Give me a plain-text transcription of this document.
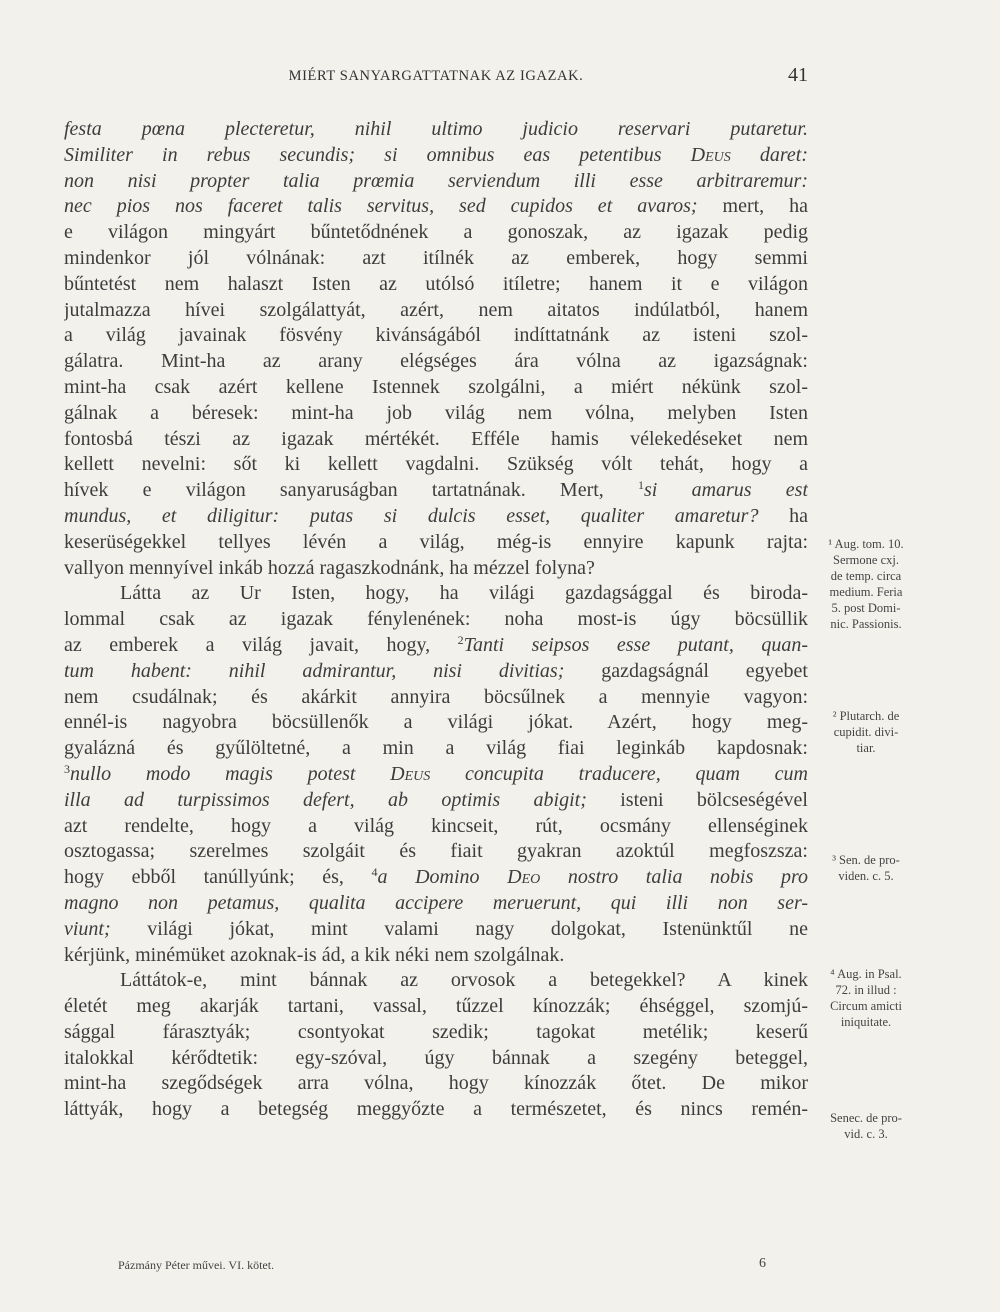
MIÉRT SANYARGATTATNAK AZ IGAZAK.	41
festa pœna plecteretur, nihil ultimo judicio reservari putaretur.
Similiter in rebus secundis; si omnibus eas petentibus Deus daret:
non nisi propter talia prœmia serviendum illi esse arbitraremur:
nec pios nos faceret talis servitus, sed cupidos et avaros; mert, ha
e világon mingyárt bűntetődnének a gonoszak, az igazak pedig
mindenkor jól vólnának: azt itílnék az emberek, hogy semmi
bűntetést nem halaszt Isten az utólsó itíletre; hanem it e világon
jutalmazza hívei szolgálattyát, azért, nem aitatos indúlatból, hanem
a világ javainak fösvény kivánságából indíttatnánk az isteni szol-
gálatra. Mint-ha az arany elégséges ára vólna az igazságnak:
mint-ha csak azért kellene Istennek szolgálni, a miért nékünk szol-
gálnak a béresek: mint-ha job világ nem vólna, melyben Isten
fontosbá tészi az igazak mértékét. Efféle hamis vélekedéseket nem
kellett nevelni: sőt ki kellett vagdalni. Szükség vólt tehát, hogy a
hívek e világon sanyaruságban tartatnának. Mert, $^1$si amarus est
mundus, et diligitur: putas si dulcis esset, qualiter amaretur? ha
keserüségekkel tellyes lévén a világ, még-is ennyire kapunk rajta:
vallyon mennyível inkáb hozzá ragaszkodnánk, ha mézzel folyna?
Látta az Ur Isten, hogy, ha világi gazdagsággal és biroda-
lommal csak az igazak fénylenének: noha most-is úgy böcsüllik
az emberek a világ javait, hogy, $^2$Tanti seipsos esse putant, quan-
tum habent: nihil admirantur, nisi divitias; gazdagságnál egyebet
nem csudálnak; és akárkit annyira böcsűlnek a mennyie vagyon:
ennél-is nagyobra böcsüllenők a világi jókat. Azért, hogy meg-
gyalázná és gyűlöltetné, a min a világ fiai leginkáb kapdosnak:
$^3$nullo modo magis potest Deus concupita traducere, quam cum
illa ad turpissimos defert, ab optimis abigit; isteni bölcseségével
azt rendelte, hogy a világ kincseit, rút, ocsmány ellenséginek
osztogassa; szerelmes szolgáit és fiait gyakran azoktúl megfoszsza:
hogy ebből tanúllyúnk; és, $^4$a Domino Deo nostro talia nobis pro
magno non petamus, qualita accipere meruerunt, qui illi non ser-
viunt; világi jókat, mint valami nagy dolgokat, Istenünktűl ne
kérjünk, minémüket azoknak-is ád, a kik néki nem szolgálnak.
Láttátok-e, mint bánnak az orvosok a betegekkel? A kinek
életét meg akarják tartani, vassal, tűzzel kínozzák; éhséggel, szomjú-
sággal fárasztyák; csontyokat szedik; tagokat metélik; keserű
italokkal kérődtetik: egy-szóval, úgy bánnak a szegény beteggel,
mint-ha szegődségek arra vólna, hogy kínozzák őtet. De mikor
láttyák, hogy a betegség meggyőzte a természetet, és nincs remén-
¹ Aug. tom. 10.
Sermone cxj.
de temp. circa
medium. Feria
5. post Domi-
nic. Passionis.
² Plutarch. de
cupidit. divi-
tiar.
³ Sen. de pro-
viden. c. 5.
⁴ Aug. in Psal.
72. in illud :
Circum amicti
iniquitate.
Senec. de pro-
vid. c. 3.
Pázmány Péter művei. VI. kötet.	6
